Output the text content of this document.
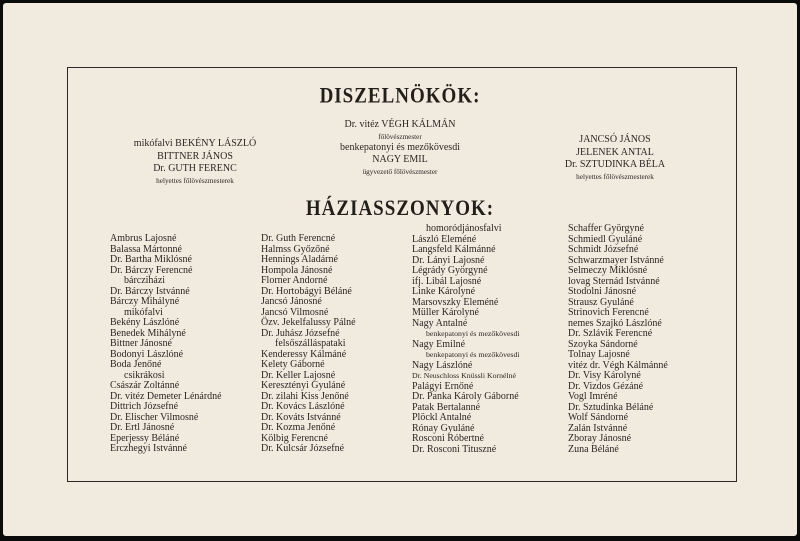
DISZELNÖKÖK:
mikófalvi BEKÉNY LÁSZLÓ
BITTNER JÁNOS
Dr. GUTH FERENC
helyettes főlövészmesterek
Dr. vitéz VÉGH KÁLMÁN
főlövészmester
benkepatonyi és mezőkövesdi
NAGY EMIL
ügyvezető főlövészmester
JANCSÓ JÁNOS
JELENEK ANTAL
Dr. SZTUDINKA BÉLA
helyettes főlövészmesterek
HÁZIASSZONYOK:
Ambrus Lajosné
Balassa Mártonné
Dr. Bartha Miklósné
Dr. Bárczy Ferencné
bárcziházi
Dr. Bárczy Istvánné
Bárczy Mihályné
mikófalvi
Bekény Lászlóné
Benedek Mihályné
Bittner Jánosné
Bodonyi Lászlóné
Boda Jenőné
csikrákosi
Császár Zoltánné
Dr. vitéz Demeter Lénárdné
Dittrich Józsefné
Dr. Elischer Vilmosné
Dr. Ertl Jánosné
Eperjessy Béláné
Erczhegyi Istvánné
Dr. Guth Ferencné
Halmss Győzőné
Hennings Aladárné
Hompola Jánosné
Florner Andorné
Dr. Hortobágyi Béláné
Jancsó Jánosné
Jancsó Vilmosné
Özv. Jekelfalussy Pálné
Dr. Juhász Józsefné
felsőszálláspataki
Kenderessy Kálmáné
Kelety Gáborné
Dr. Keller Lajosné
Keresztényi Gyuláné
Dr. zilahi Kiss Jenőné
Dr. Kovács Lászlóné
Dr. Kováts Istvánné
Dr. Kozma Jenőné
Kölbig Ferencné
Dr. Kulcsár Józsefné
homoródjánosfalvi
László Eleméné
Langsfeld Kálmánné
Dr. Lányi Lajosné
Légrády Györgyné
ifj. Libál Lajosné
Linke Károlyné
Marsovszky Eleméné
Müller Károlyné
Nagy Antalné
benkepatonyi és mezőkövesdi
Nagy Emilné
benkepatonyi és mezőkövesdi
Nagy Lászlóné
Dr. Neuschloss Knüssli Kornélné
Palágyi Ernőné
Dr. Panka Károly Gáborné
Patak Bertalanné
Plöckl Antalné
Rónay Gyuláné
Rosconi Róbertné
Dr. Rosconi Tituszné
Schaffer Györgyné
Schmiedl Gyuláné
Schmidt Józsefné
Schwarzmayer Istvánné
Selmeczy Miklósné
lovag Sternád Istvánné
Stodolni Jánosné
Strausz Gyuláné
Strinovich Ferencné
nemes Szajkó Lászlóné
Dr. Szlávik Ferencné
Szoyka Sándorné
Tolnay Lajosné
vitéz dr. Végh Kálmánné
Dr. Visy Károlyné
Dr. Vizdos Gézáné
Vogl Imréné
Dr. Sztudinka Béláné
Wolf Sándorné
Zalán Istvánné
Zboray Jánosné
Zuna Béláné
